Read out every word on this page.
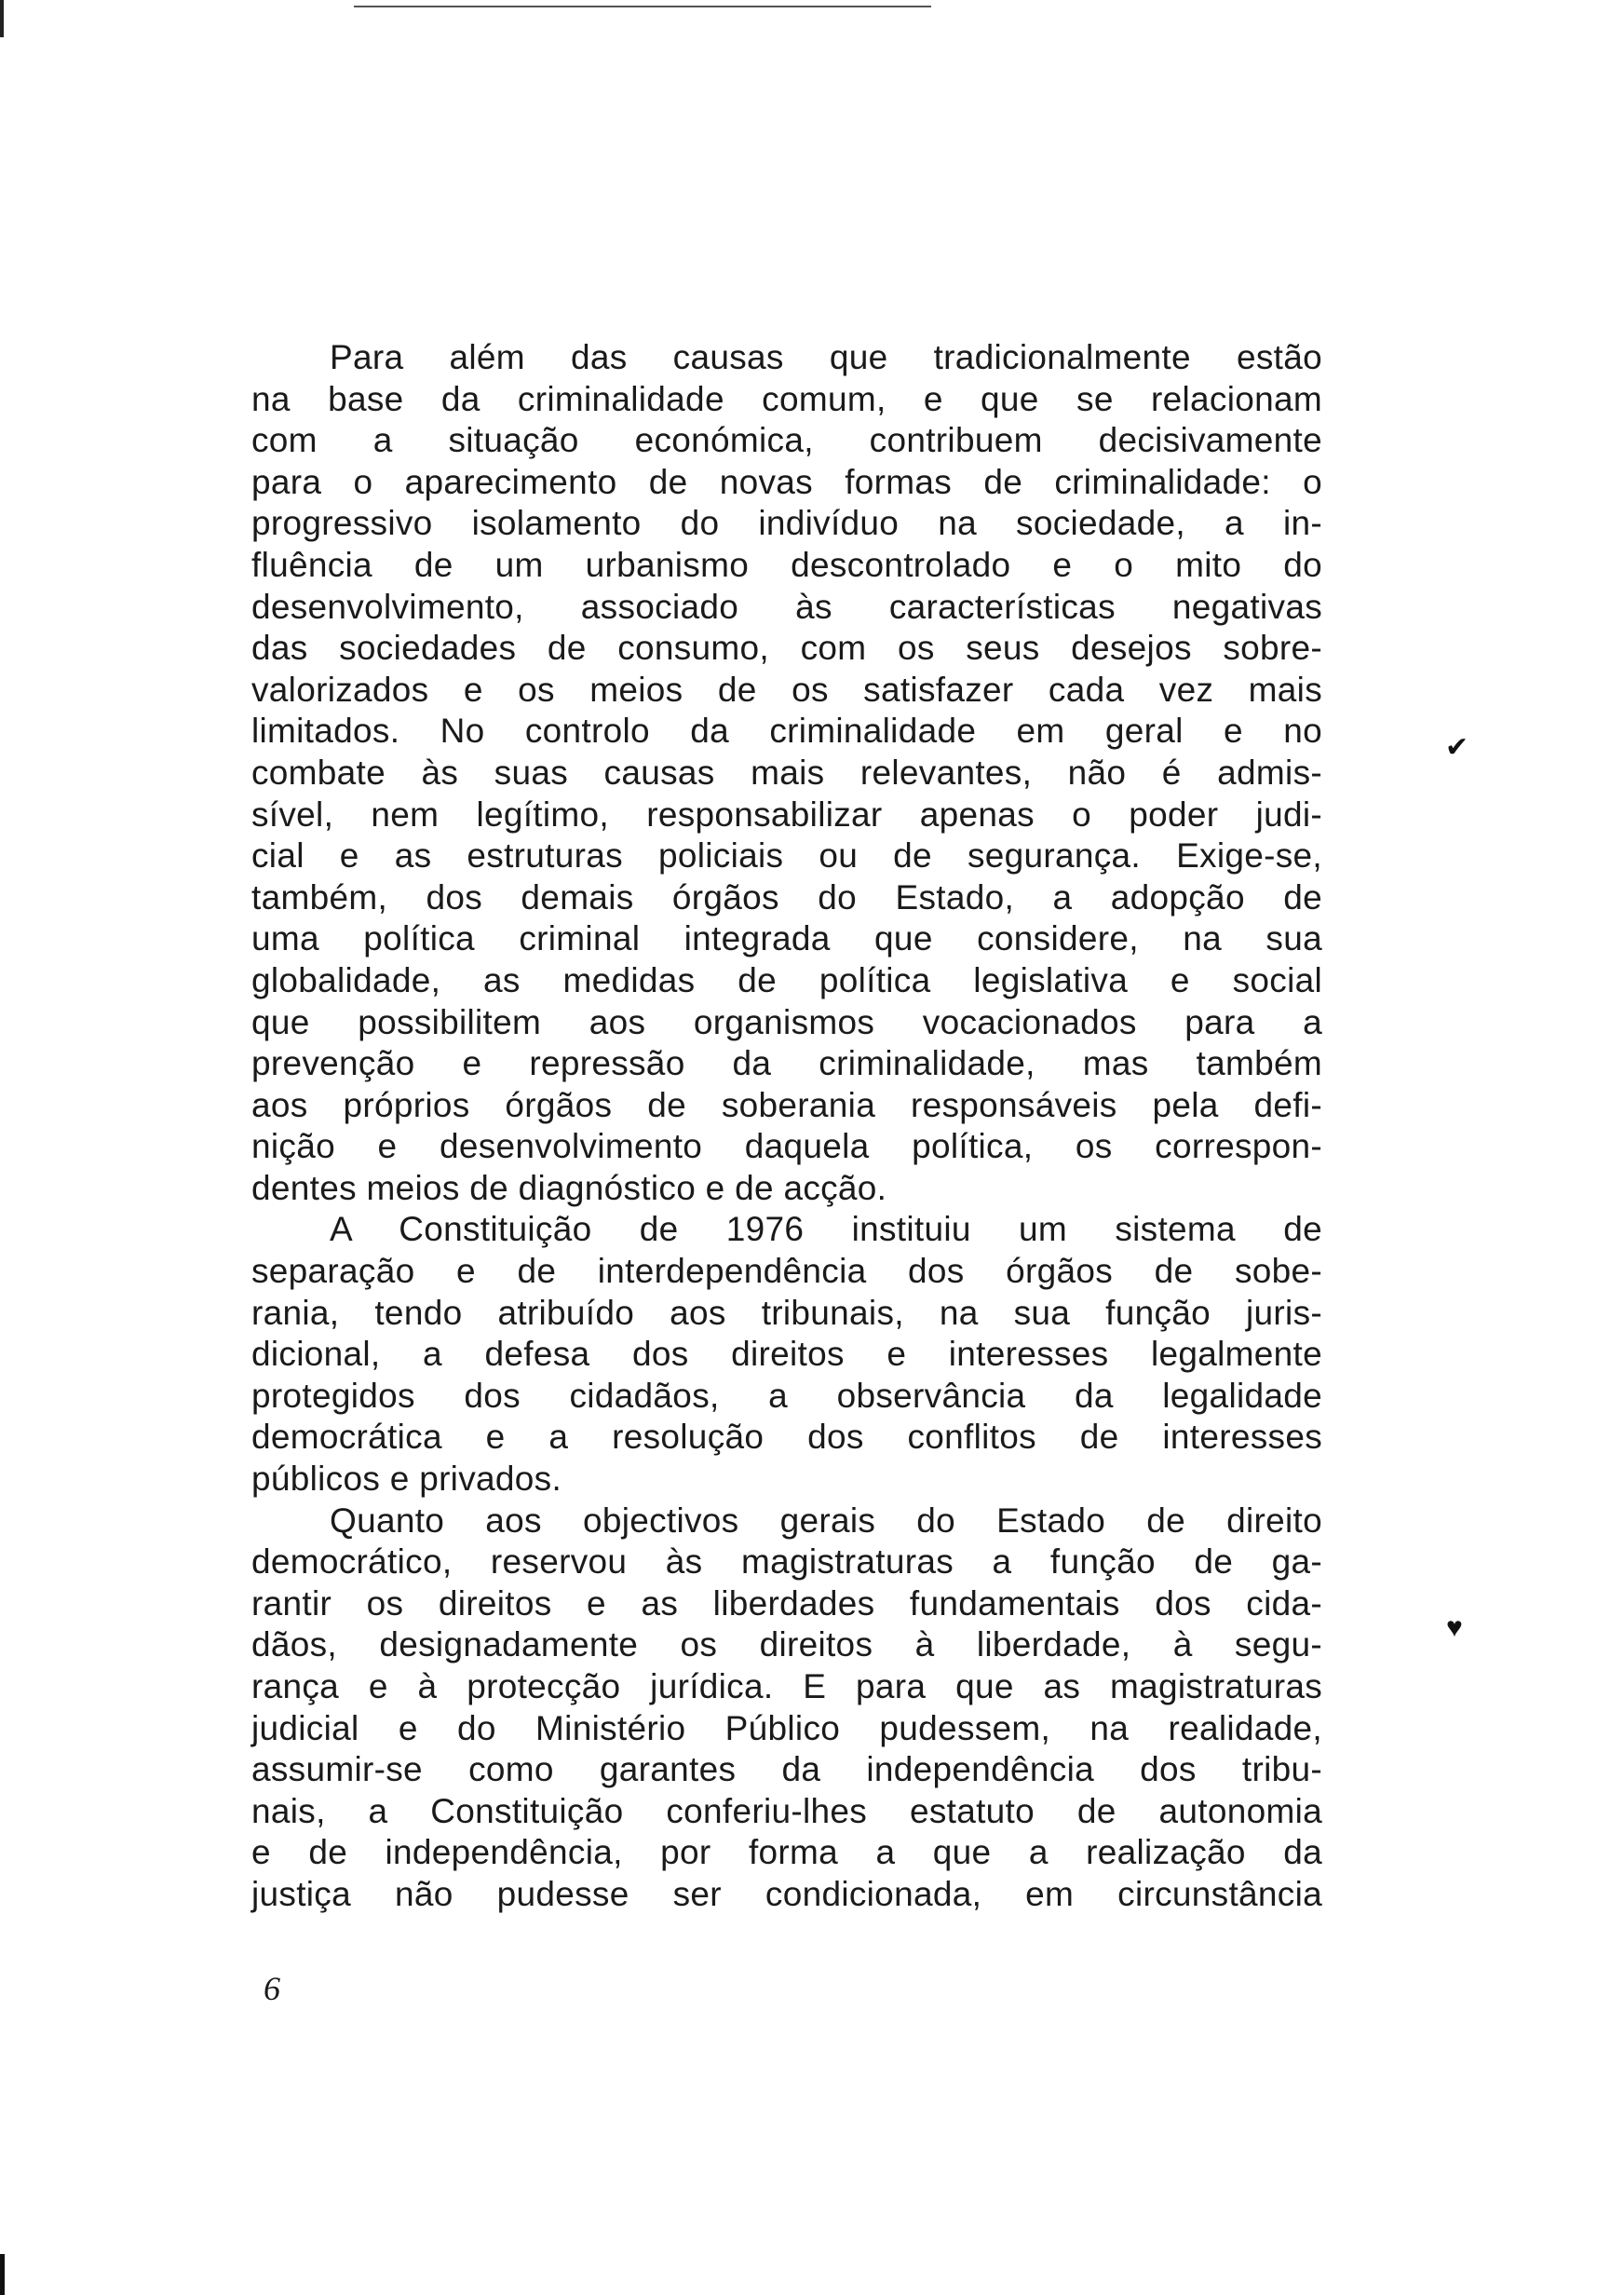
Para além das causas que tradicionalmente estão
na base da criminalidade comum, e que se relacionam
com a situação económica, contribuem decisivamente
para o aparecimento de novas formas de criminalidade: o
progressivo isolamento do indivíduo na sociedade, a in-
fluência de um urbanismo descontrolado e o mito do
desenvolvimento, associado às características negativas
das sociedades de consumo, com os seus desejos sobre-
valorizados e os meios de os satisfazer cada vez mais
limitados. No controlo da criminalidade em geral e no
combate às suas causas mais relevantes, não é admis-
sível, nem legítimo, responsabilizar apenas o poder judi-
cial e as estruturas policiais ou de segurança. Exige-se,
também, dos demais órgãos do Estado, a adopção de
uma política criminal integrada que considere, na sua
globalidade, as medidas de política legislativa e social
que possibilitem aos organismos vocacionados para a
prevenção e repressão da criminalidade, mas também
aos próprios órgãos de soberania responsáveis pela defi-
nição e desenvolvimento daquela política, os correspon-
dentes meios de diagnóstico e de acção.
A Constituição de 1976 instituiu um sistema de
separação e de interdependência dos órgãos de sobe-
rania, tendo atribuído aos tribunais, na sua função juris-
dicional, a defesa dos direitos e interesses legalmente
protegidos dos cidadãos, a observância da legalidade
democrática e a resolução dos conflitos de interesses
públicos e privados.
Quanto aos objectivos gerais do Estado de direito
democrático, reservou às magistraturas a função de ga-
rantir os direitos e as liberdades fundamentais dos cida-
dãos, designadamente os direitos à liberdade, à segu-
rança e à protecção jurídica. E para que as magistraturas
judicial e do Ministério Público pudessem, na realidade,
assumir-se como garantes da independência dos tribu-
nais, a Constituição conferiu-lhes estatuto de autonomia
e de independência, por forma a que a realização da
justiça não pudesse ser condicionada, em circunstância
✔
♥
6
